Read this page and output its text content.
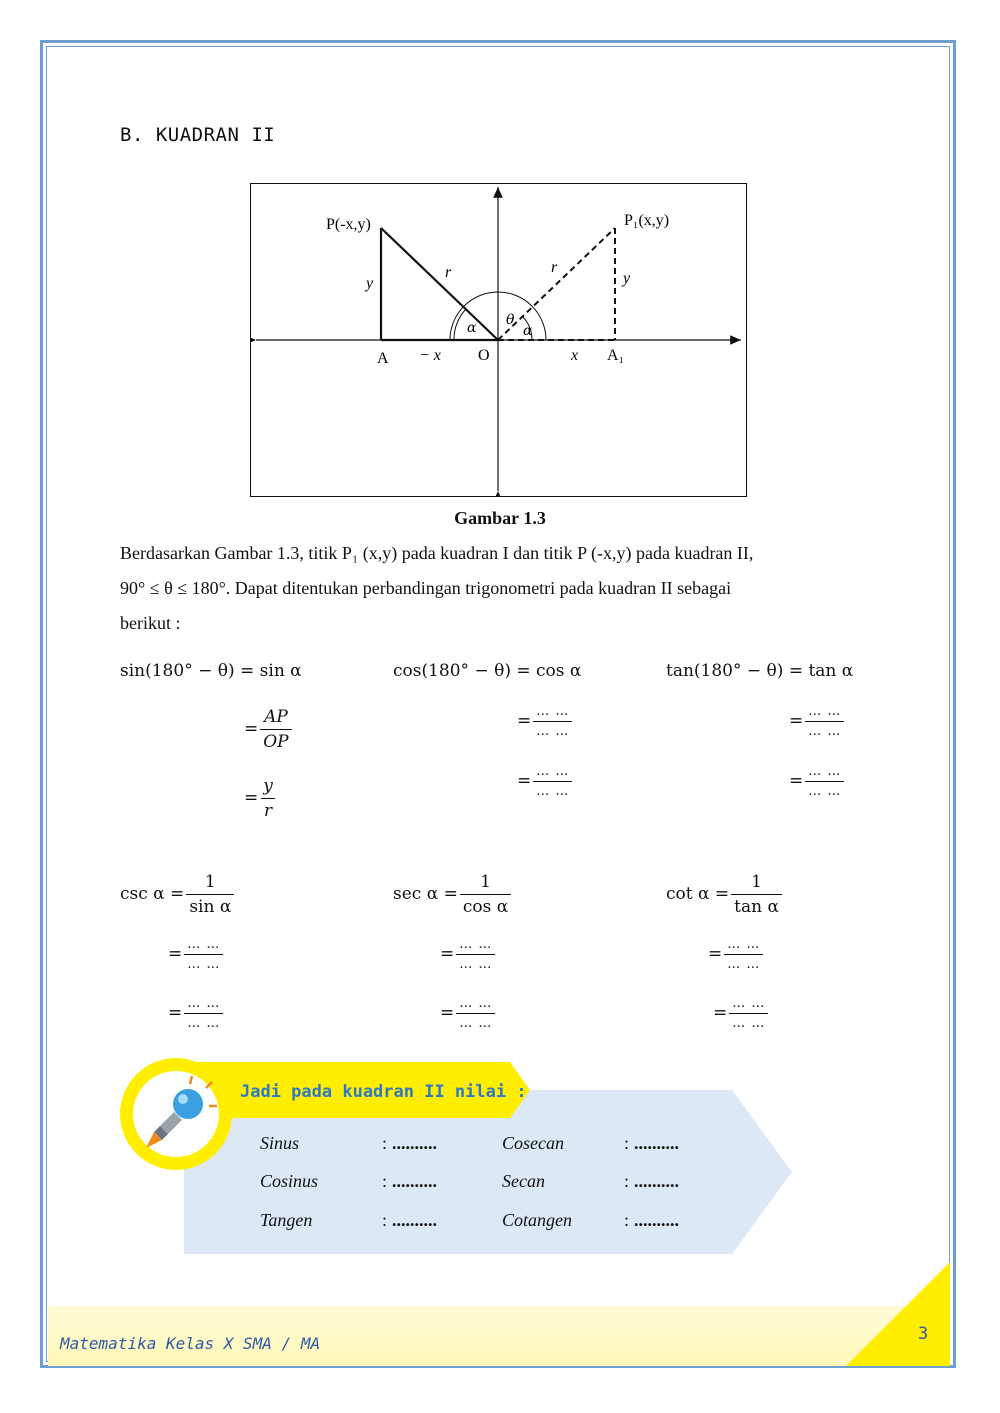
B. KUADRAN II
P(-x,y)	P₁(x,y)
y	y
r	r
α θ
α
A − x O	x A₁
Gambar 1.3

Berdasarkan Gambar 1.3, titik P₁ (x,y) pada kuadran I dan titik P (-x,y) pada kuadran II,

90° ≤ θ ≤ 180°. Dapat ditentukan perbandingan trigonometri pada kuadran II sebagai

berikut :

sin(180° − θ) = sin α
= $\frac{AP}{OP}$
= $\frac{y}{r}$
cos(180° − θ) = cos α
= $\frac{\dots \dots}{\dots \dots}$
= $\frac{\dots \dots}{\dots \dots}$
tan(180° − θ) = tan α
= $\frac{\dots \dots}{\dots \dots}$
= $\frac{\dots \dots}{\dots \dots}$
$\csc \alpha = \frac{1}{\text{sin α}}$
= $\frac{\dots \dots}{\dots \dots}$
= $\frac{\dots \dots}{\dots \dots}$
$\sec \alpha = \frac{1}{\text{cos α}}$
= $\frac{\dots \dots}{\dots \dots}$
= $\frac{\dots \dots}{\dots \dots}$
$\cot \alpha = \frac{1}{\text{tan α}}$
= $\frac{\dots \dots}{\dots \dots}$
= $\frac{\dots \dots}{\dots \dots}$
Jadi pada kuadran II nilai :
Sinus	: ..........	Cosecan	: ..........
Cosinus	: ..........	Secan	: ..........
Tangen	: ..........	Cotangen	: ..........
Matematika Kelas X SMA / MA	3
